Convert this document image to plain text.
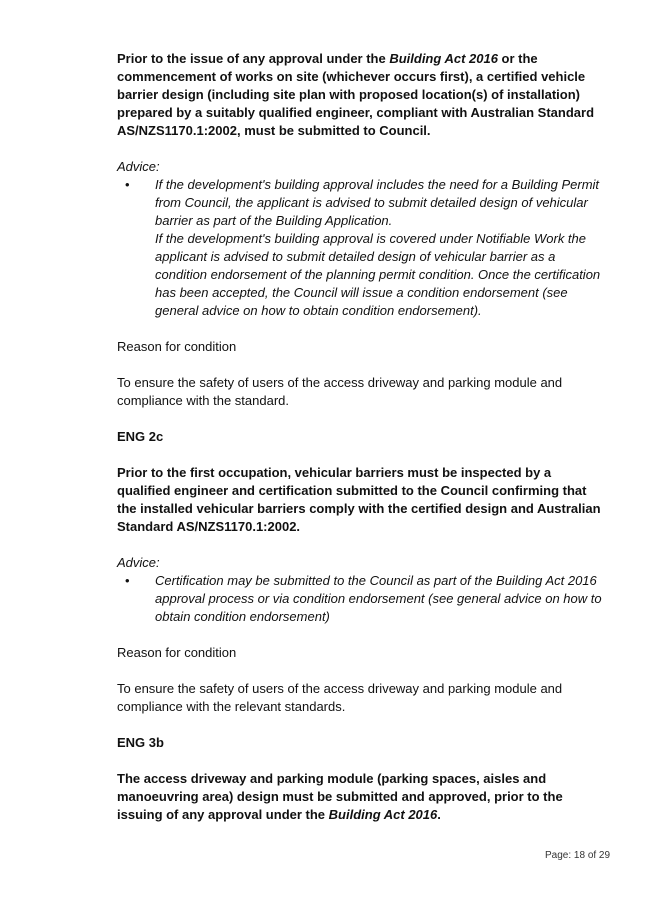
Prior to the issue of any approval under the Building Act 2016 or the commencement of works on site (whichever occurs first), a certified vehicle barrier design (including site plan with proposed location(s) of installation) prepared by a suitably qualified engineer, compliant with Australian Standard AS/NZS1170.1:2002, must be submitted to Council.

Advice:

• If the development's building approval includes the need for a Building Permit from Council, the applicant is advised to submit detailed design of vehicular barrier as part of the Building Application.

If the development's building approval is covered under Notifiable Work the applicant is advised to submit detailed design of vehicular barrier as a condition endorsement of the planning permit condition. Once the certification has been accepted, the Council will issue a condition endorsement (see general advice on how to obtain condition endorsement).

Reason for condition

To ensure the safety of users of the access driveway and parking module and compliance with the standard.

ENG 2c

Prior to the first occupation, vehicular barriers must be inspected by a qualified engineer and certification submitted to the Council confirming that the installed vehicular barriers comply with the certified design and Australian Standard AS/NZS1170.1:2002.

Advice:

• Certification may be submitted to the Council as part of the Building Act 2016 approval process or via condition endorsement (see general advice on how to obtain condition endorsement)

Reason for condition

To ensure the safety of users of the access driveway and parking module and compliance with the relevant standards.

ENG 3b

The access driveway and parking module (parking spaces, aisles and manoeuvring area) design must be submitted and approved, prior to the issuing of any approval under the Building Act 2016.

Page: 18 of 29
